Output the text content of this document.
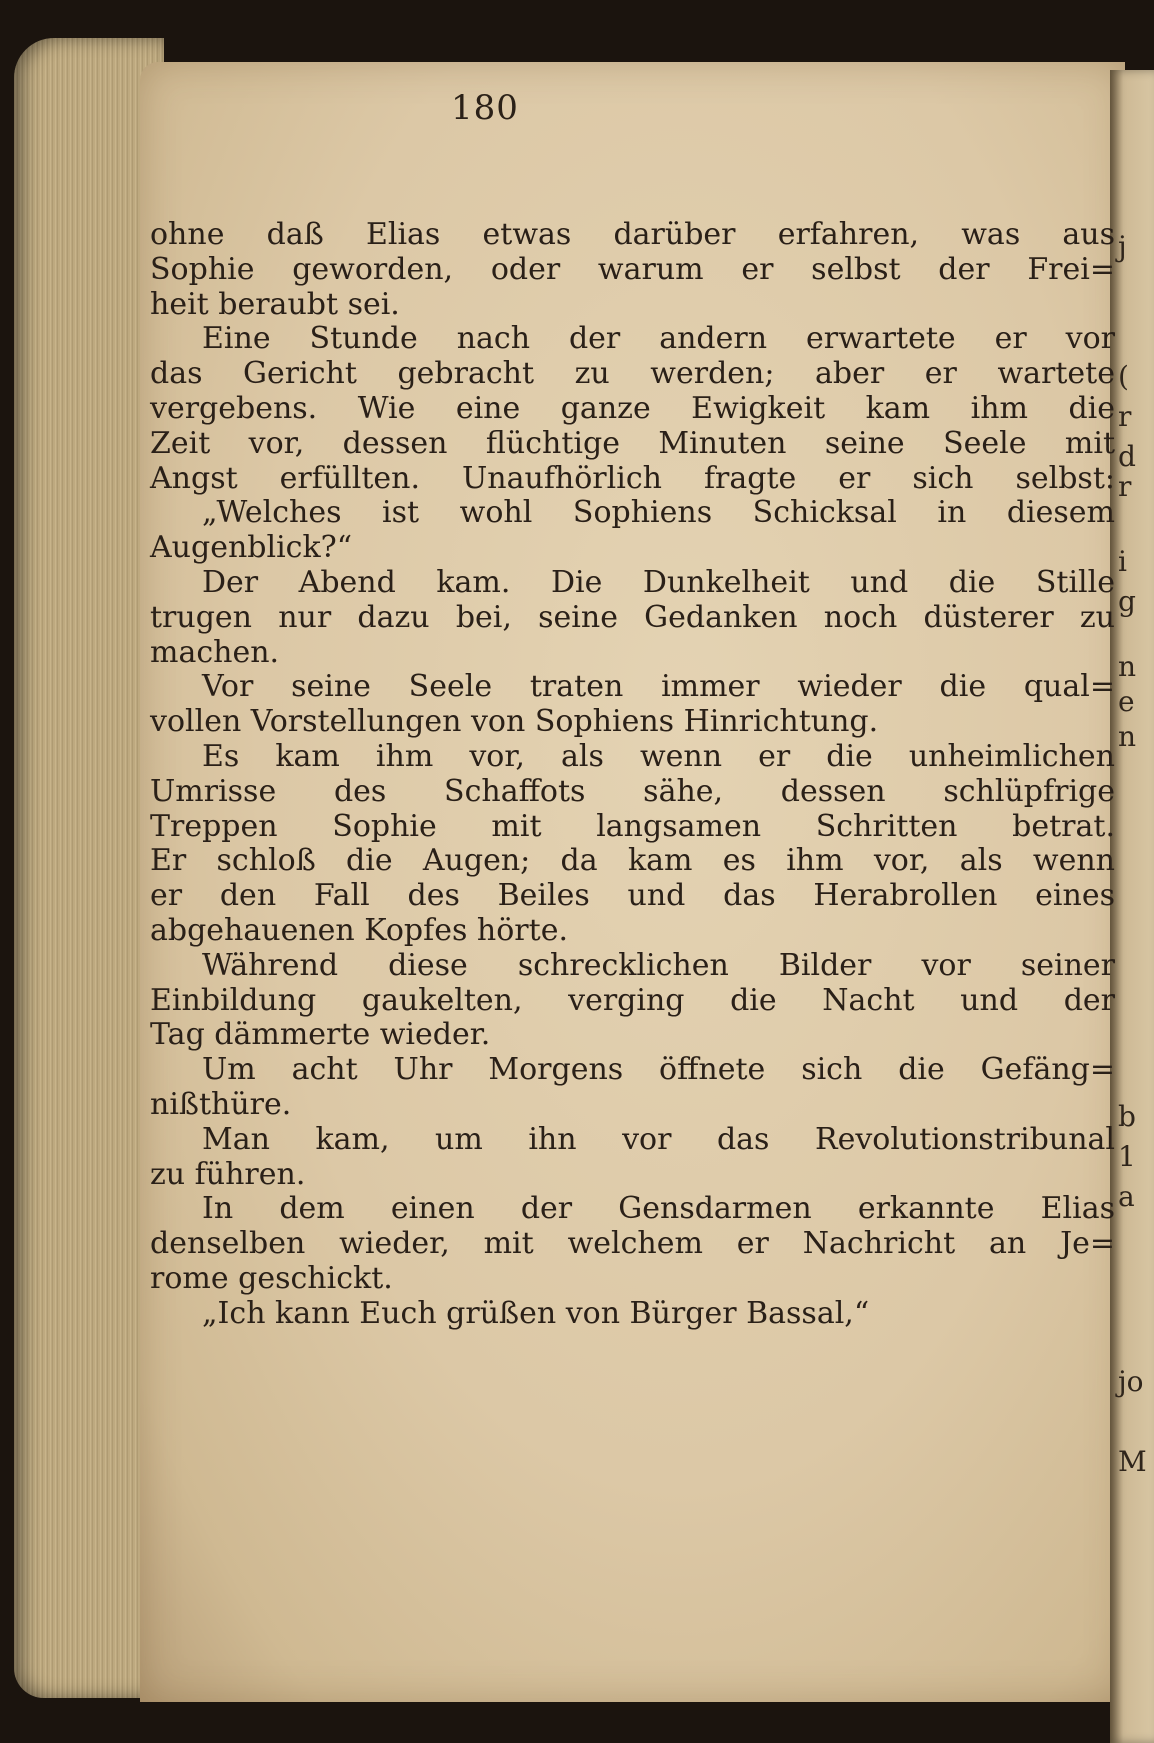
180
ohne daß Elias etwas darüber erfahren, was aus
Sophie geworden, oder warum er selbst der Frei=
heit beraubt sei.
Eine Stunde nach der andern erwartete er vor
das Gericht gebracht zu werden; aber er wartete
vergebens. Wie eine ganze Ewigkeit kam ihm die
Zeit vor, dessen flüchtige Minuten seine Seele mit
Angst erfüllten. Unaufhörlich fragte er sich selbst:
„Welches ist wohl Sophiens Schicksal in diesem
Augenblick?“
Der Abend kam. Die Dunkelheit und die Stille
trugen nur dazu bei, seine Gedanken noch düsterer zu
machen.
Vor seine Seele traten immer wieder die qual=
vollen Vorstellungen von Sophiens Hinrichtung.
Es kam ihm vor, als wenn er die unheimlichen
Umrisse des Schaffots sähe, dessen schlüpfrige
Treppen Sophie mit langsamen Schritten betrat.
Er schloß die Augen; da kam es ihm vor, als wenn
er den Fall des Beiles und das Herabrollen eines
abgehauenen Kopfes hörte.
Während diese schrecklichen Bilder vor seiner
Einbildung gaukelten, verging die Nacht und der
Tag dämmerte wieder.
Um acht Uhr Morgens öffnete sich die Gefäng=
nißthüre.
Man kam, um ihn vor das Revolutionstribunal
zu führen.
In dem einen der Gensdarmen erkannte Elias
denselben wieder, mit welchem er Nachricht an Je=
rome geschickt.
„Ich kann Euch grüßen von Bürger Bassal,“
j
(
r
d
r
i
g
n
e
n
b
1
a
jo
M
